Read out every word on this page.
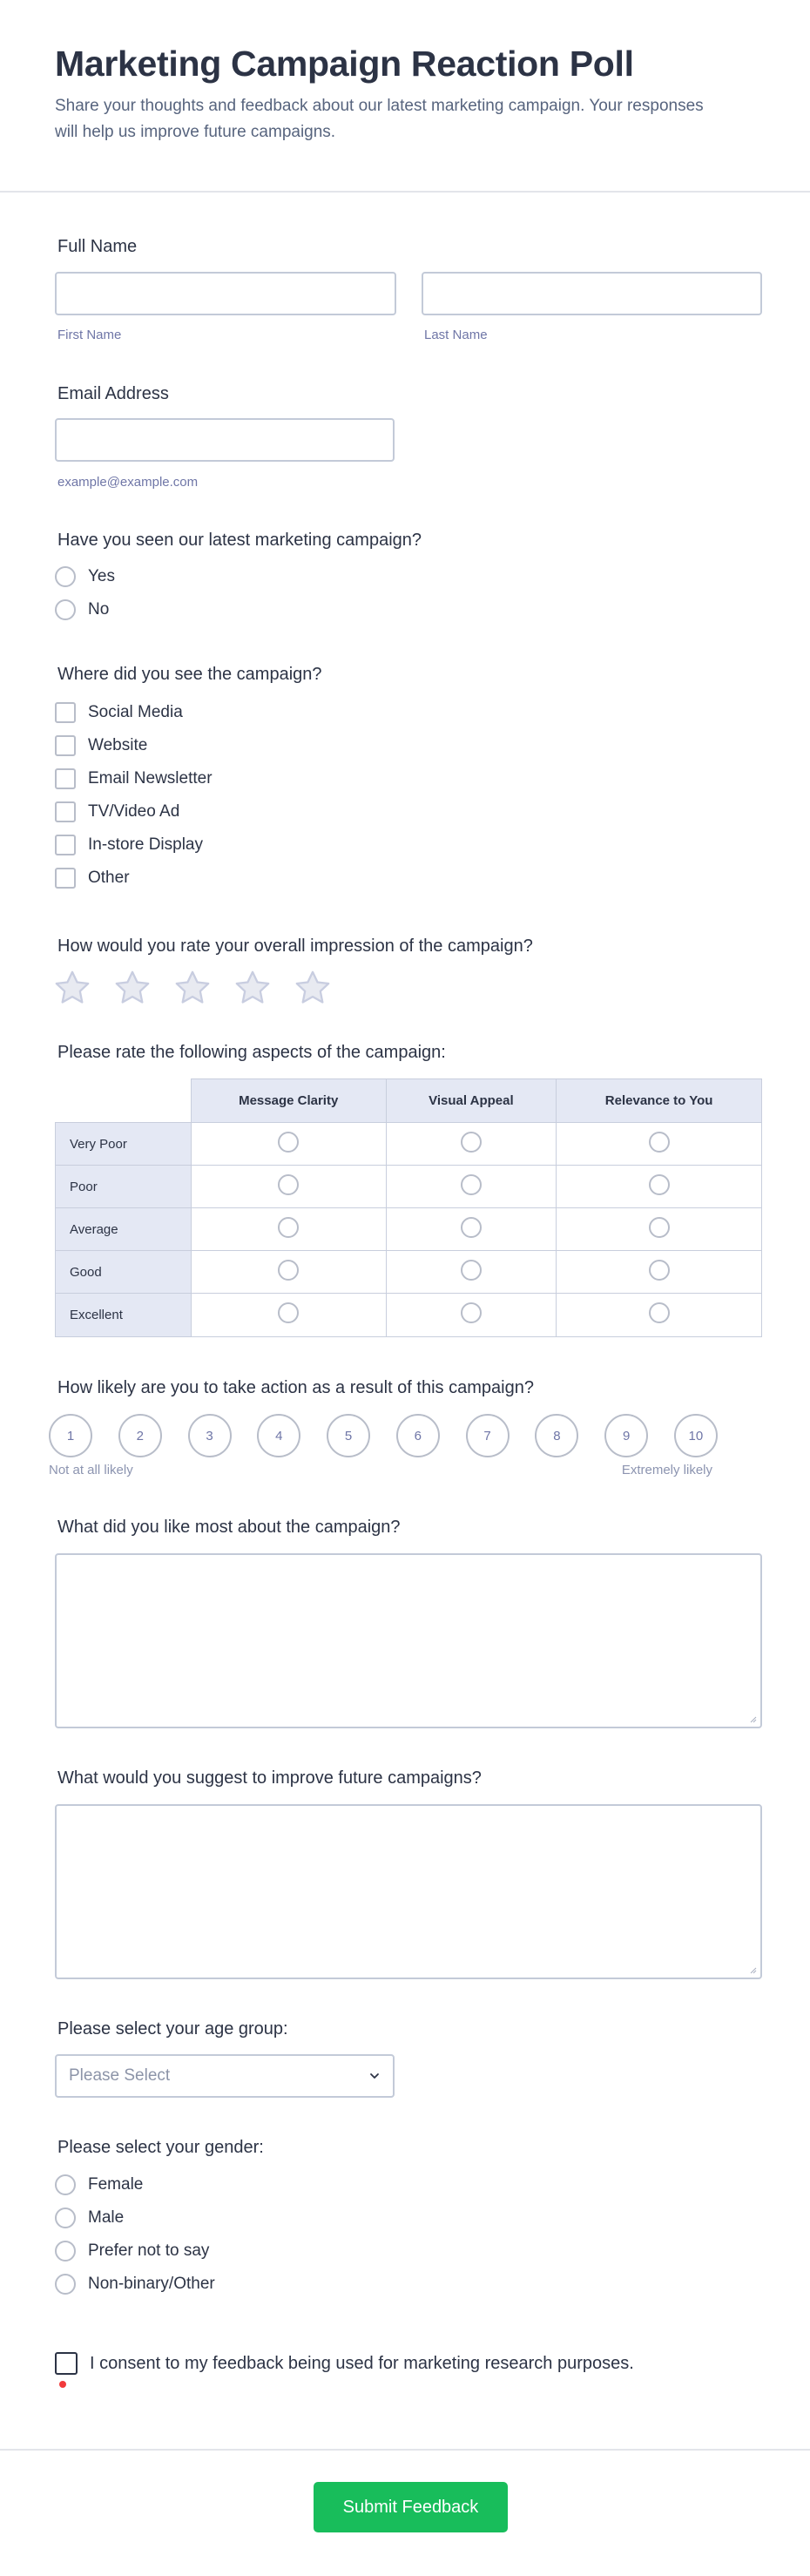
Marketing Campaign Reaction Poll
Share your thoughts and feedback about our latest marketing campaign. Your responses will help us improve future campaigns.
Full Name
First Name	Last Name
Email Address
example@example.com
Have you seen our latest marketing campaign?
Yes
No
Where did you see the campaign?
Social Media
Website
Email Newsletter
TV/Video Ad
In-store Display
Other
How would you rate your overall impression of the campaign?
Please rate the following aspects of the campaign:
	Message Clarity	Visual Appeal	Relevance to You
Very Poor			
Poor			
Average			
Good			
Excellent			
How likely are you to take action as a result of this campaign?
1	2	3	4	5	6	7	8	9	10
Not at all likely	Extremely likely
What did you like most about the campaign?
What would you suggest to improve future campaigns?
Please select your age group:
Please Select
Please select your gender:
Female
Male
Prefer not to say
Non-binary/Other
I consent to my feedback being used for marketing research purposes.
Submit Feedback
